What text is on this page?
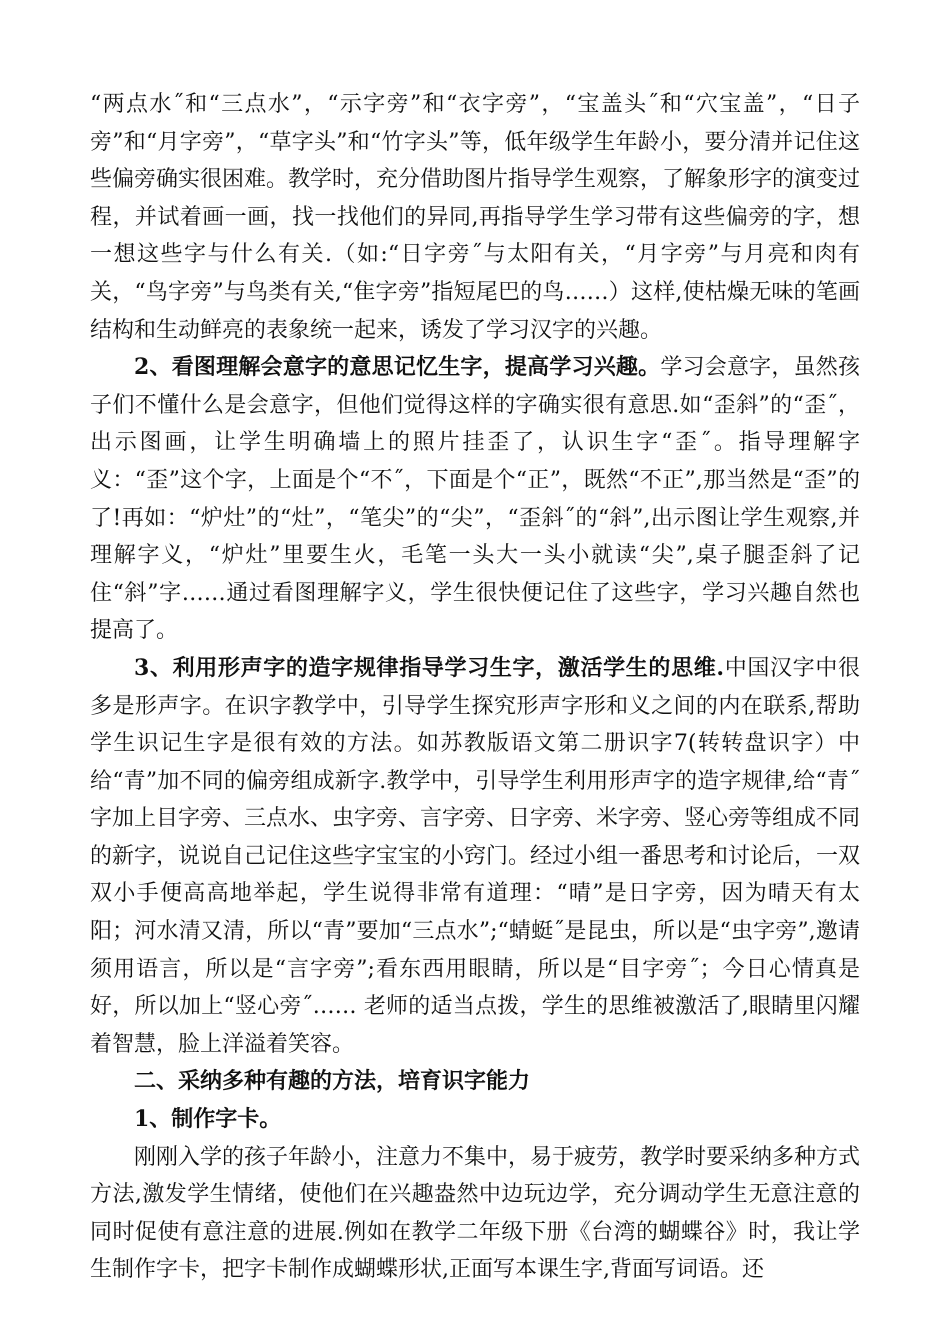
“两点水˝和“三点水”，“示字旁”和“衣字旁”，“宝盖头˝和“穴宝盖”，“日子旁”和“月字旁”，“草字头”和“竹字头”等，低年级学生年龄小，要分清并记住这些偏旁确实很困难。教学时，充分借助图片指导学生观察，了解象形字的演变过程，并试着画一画，找一找他们的异同,再指导学生学习带有这些偏旁的字，想一想这些字与什么有关.（如:“日字旁˝与太阳有关，“月字旁”与月亮和肉有关，“鸟字旁”与鸟类有关,“隹字旁”指短尾巴的鸟……）这样,使枯燥无味的笔画结构和生动鲜亮的表象统一起来，诱发了学习汉字的兴趣。

2、看图理解会意字的意思记忆生字，提高学习兴趣。学习会意字，虽然孩子们不懂什么是会意字，但他们觉得这样的字确实很有意思.如“歪斜”的“歪˝，出示图画，让学生明确墙上的照片挂歪了，认识生字“歪˝。指导理解字义：“歪”这个字，上面是个“不˝，下面是个“正”，既然“不正”,那当然是“歪”的了!再如：“炉灶”的“灶”，“笔尖”的“尖”，“歪斜˝的“斜”,出示图让学生观察,并理解字义，“炉灶”里要生火，毛笔一头大一头小就读“尖”,桌子腿歪斜了记住“斜”字……通过看图理解字义，学生很快便记住了这些字，学习兴趣自然也提高了。

3、利用形声字的造字规律指导学习生字，激活学生的思维.中国汉字中很多是形声字。在识字教学中，引导学生探究形声字形和义之间的内在联系,帮助学生识记生字是很有效的方法。如苏教版语文第二册识字7(转转盘识字）中给“青”加不同的偏旁组成新字.教学中，引导学生利用形声字的造字规律,给“青˝字加上目字旁、三点水、虫字旁、言字旁、日字旁、米字旁、竖心旁等组成不同的新字，说说自己记住这些字宝宝的小窍门。经过小组一番思考和讨论后，一双双小手便高高地举起，学生说得非常有道理：“晴”是日字旁，因为晴天有太阳；河水清又清，所以“青”要加“三点水”;“蜻蜓˝是昆虫，所以是“虫字旁”,邀请须用语言，所以是“言字旁”;看东西用眼睛，所以是“目字旁˝；今日心情真是好，所以加上“竖心旁˝…… 老师的适当点拨，学生的思维被激活了,眼睛里闪耀着智慧，脸上洋溢着笑容。

二、采纳多种有趣的方法，培育识字能力

1、制作字卡。

刚刚入学的孩子年龄小，注意力不集中，易于疲劳，教学时要采纳多种方式方法,激发学生情绪，使他们在兴趣盎然中边玩边学，充分调动学生无意注意的同时促使有意注意的进展.例如在教学二年级下册《台湾的蝴蝶谷》时，我让学生制作字卡，把字卡制作成蝴蝶形状,正面写本课生字,背面写词语。还
